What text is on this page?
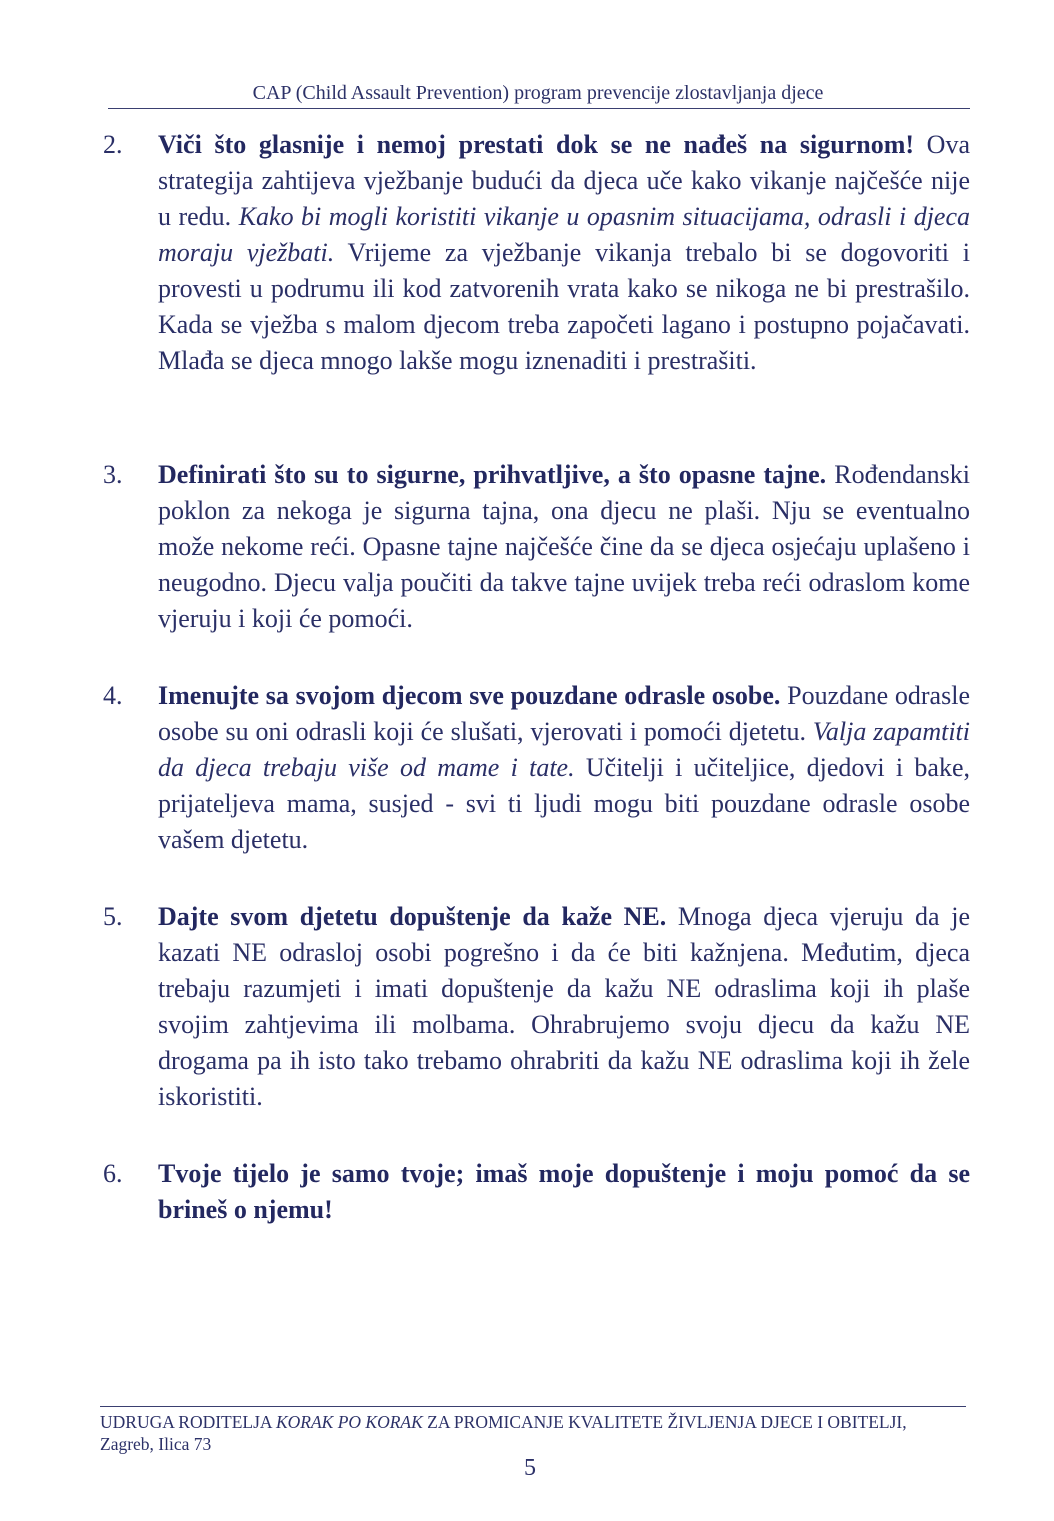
CAP (Child Assault Prevention) program prevencije zlostavljanja djece
2. Viči što glasnije i nemoj prestati dok se ne nađeš na sigurnom! Ova strategija zahtijeva vježbanje budući da djeca uče kako vikanje najčešće nije u redu. Kako bi mogli koristiti vikanje u opasnim situacijama, odrasli i djeca moraju vježbati. Vrijeme za vježbanje vikanja trebalo bi se dogovoriti i provesti u podrumu ili kod zatvorenih vrata kako se nikoga ne bi prestrašilo. Kada se vježba s malom djecom treba započeti lagano i postupno pojačavati. Mlađa se djeca mnogo lakše mogu iznenaditi i prestrašiti.
3. Definirati što su to sigurne, prihvatljive, a što opasne tajne. Rođendanski poklon za nekoga je sigurna tajna, ona djecu ne plaši. Nju se eventualno može nekome reći. Opasne tajne najčešće čine da se djeca osjećaju uplašeno i neugodno. Djecu valja poučiti da takve tajne uvijek treba reći odraslom kome vjeruju i koji će pomoći.
4. Imenujte sa svojom djecom sve pouzdane odrasle osobe. Pouzdane odrasle osobe su oni odrasli koji će slušati, vjerovati i pomoći djetetu. Valja zapamtiti da djeca trebaju više od mame i tate. Učitelji i učiteljice, djedovi i bake, prijateljeva mama, susjed - svi ti ljudi mogu biti pouzdane odrasle osobe vašem djetetu.
5. Dajte svom djetetu dopuštenje da kaže NE. Mnoga djeca vjeruju da je kazati NE odrasloj osobi pogrešno i da će biti kažnjena. Međutim, djeca trebaju razumjeti i imati dopuštenje da kažu NE odraslima koji ih plaše svojim zahtjevima ili molbama. Ohrabrujemo svoju djecu da kažu NE drogama pa ih isto tako trebamo ohrabriti da kažu NE odraslima koji ih žele iskoristiti.
6. Tvoje tijelo je samo tvoje; imaš moje dopuštenje i moju pomoć da se brineš o njemu!
UDRUGA RODITELJA KORAK PO KORAK ZA PROMICANJE KVALITETE ŽIVLJENJA DJECE I OBITELJI,
Zagreb, Ilica 73
5
